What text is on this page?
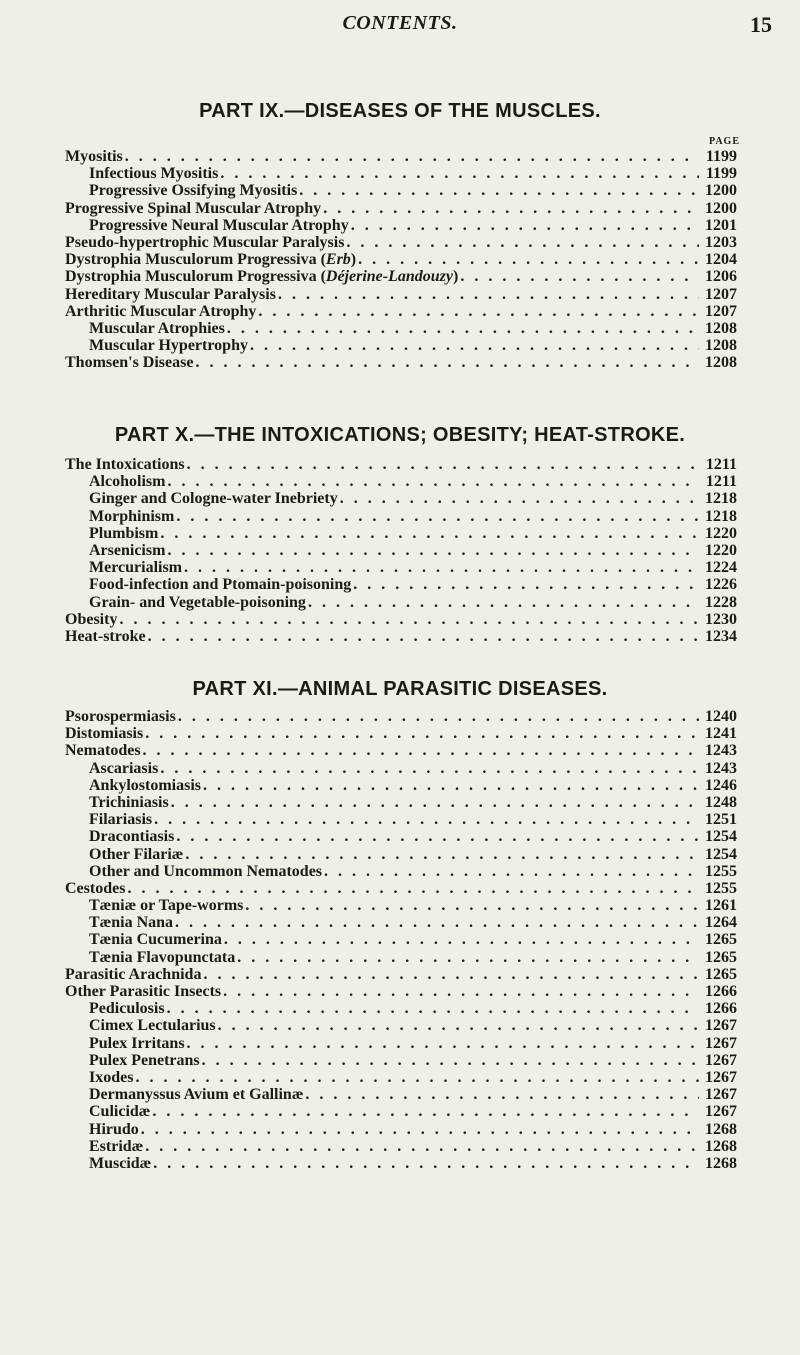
CONTENTS.	15
PART IX.—DISEASES OF THE MUSCLES.
PAGE
Myositis . . .	1199
Infectious Myositis . . .	1199
Progressive Ossifying Myositis . . .	1200
Progressive Spinal Muscular Atrophy . . .	1200
Progressive Neural Muscular Atrophy . . .	1201
Pseudo-hypertrophic Muscular Paralysis . . .	1203
Dystrophia Musculorum Progressiva (Erb) . . .	1204
Dystrophia Musculorum Progressiva (Déjerine-Landouzy) . . .	1206
Hereditary Muscular Paralysis . . .	1207
Arthritic Muscular Atrophy . . .	1207
Muscular Atrophies . . .	1208
Muscular Hypertrophy . . .	1208
Thomsen's Disease . . .	1208
PART X.—THE INTOXICATIONS; OBESITY; HEAT-STROKE.
The Intoxications . . .	1211
Alcoholism . . .	1211
Ginger and Cologne-water Inebriety . . .	1218
Morphinism . . .	1218
Plumbism . . .	1220
Arsenicism . . .	1220
Mercurialism . . .	1224
Food-infection and Ptomain-poisoning . . .	1226
Grain- and Vegetable-poisoning . . .	1228
Obesity . . .	1230
Heat-stroke . . .	1234
PART XI.—ANIMAL PARASITIC DISEASES.
Psorospermiasis . . .	1240
Distomiasis . . .	1241
Nematodes . . .	1243
Ascariasis . . .	1243
Ankylostomiasis . . .	1246
Trichiniasis . . .	1248
Filariasis . . .	1251
Dracontiasis . . .	1254
Other Filariæ . . .	1254
Other and Uncommon Nematodes . . .	1255
Cestodes . . .	1255
Tæniæ or Tape-worms . . .	1261
Tænia Nana . . .	1264
Tænia Cucumerina . . .	1265
Tænia Flavopunctata . . .	1265
Parasitic Arachnida . . .	1265
Other Parasitic Insects . . .	1266
Pediculosis . . .	1266
Cimex Lectularius . . .	1267
Pulex Irritans . . .	1267
Pulex Penetrans . . .	1267
Ixodes . . .	1267
Dermanyssus Avium et Gallinæ . . .	1267
Culicidæ . . .	1267
Hirudo . . .	1268
Estridæ . . .	1268
Muscidæ . . .	1268
